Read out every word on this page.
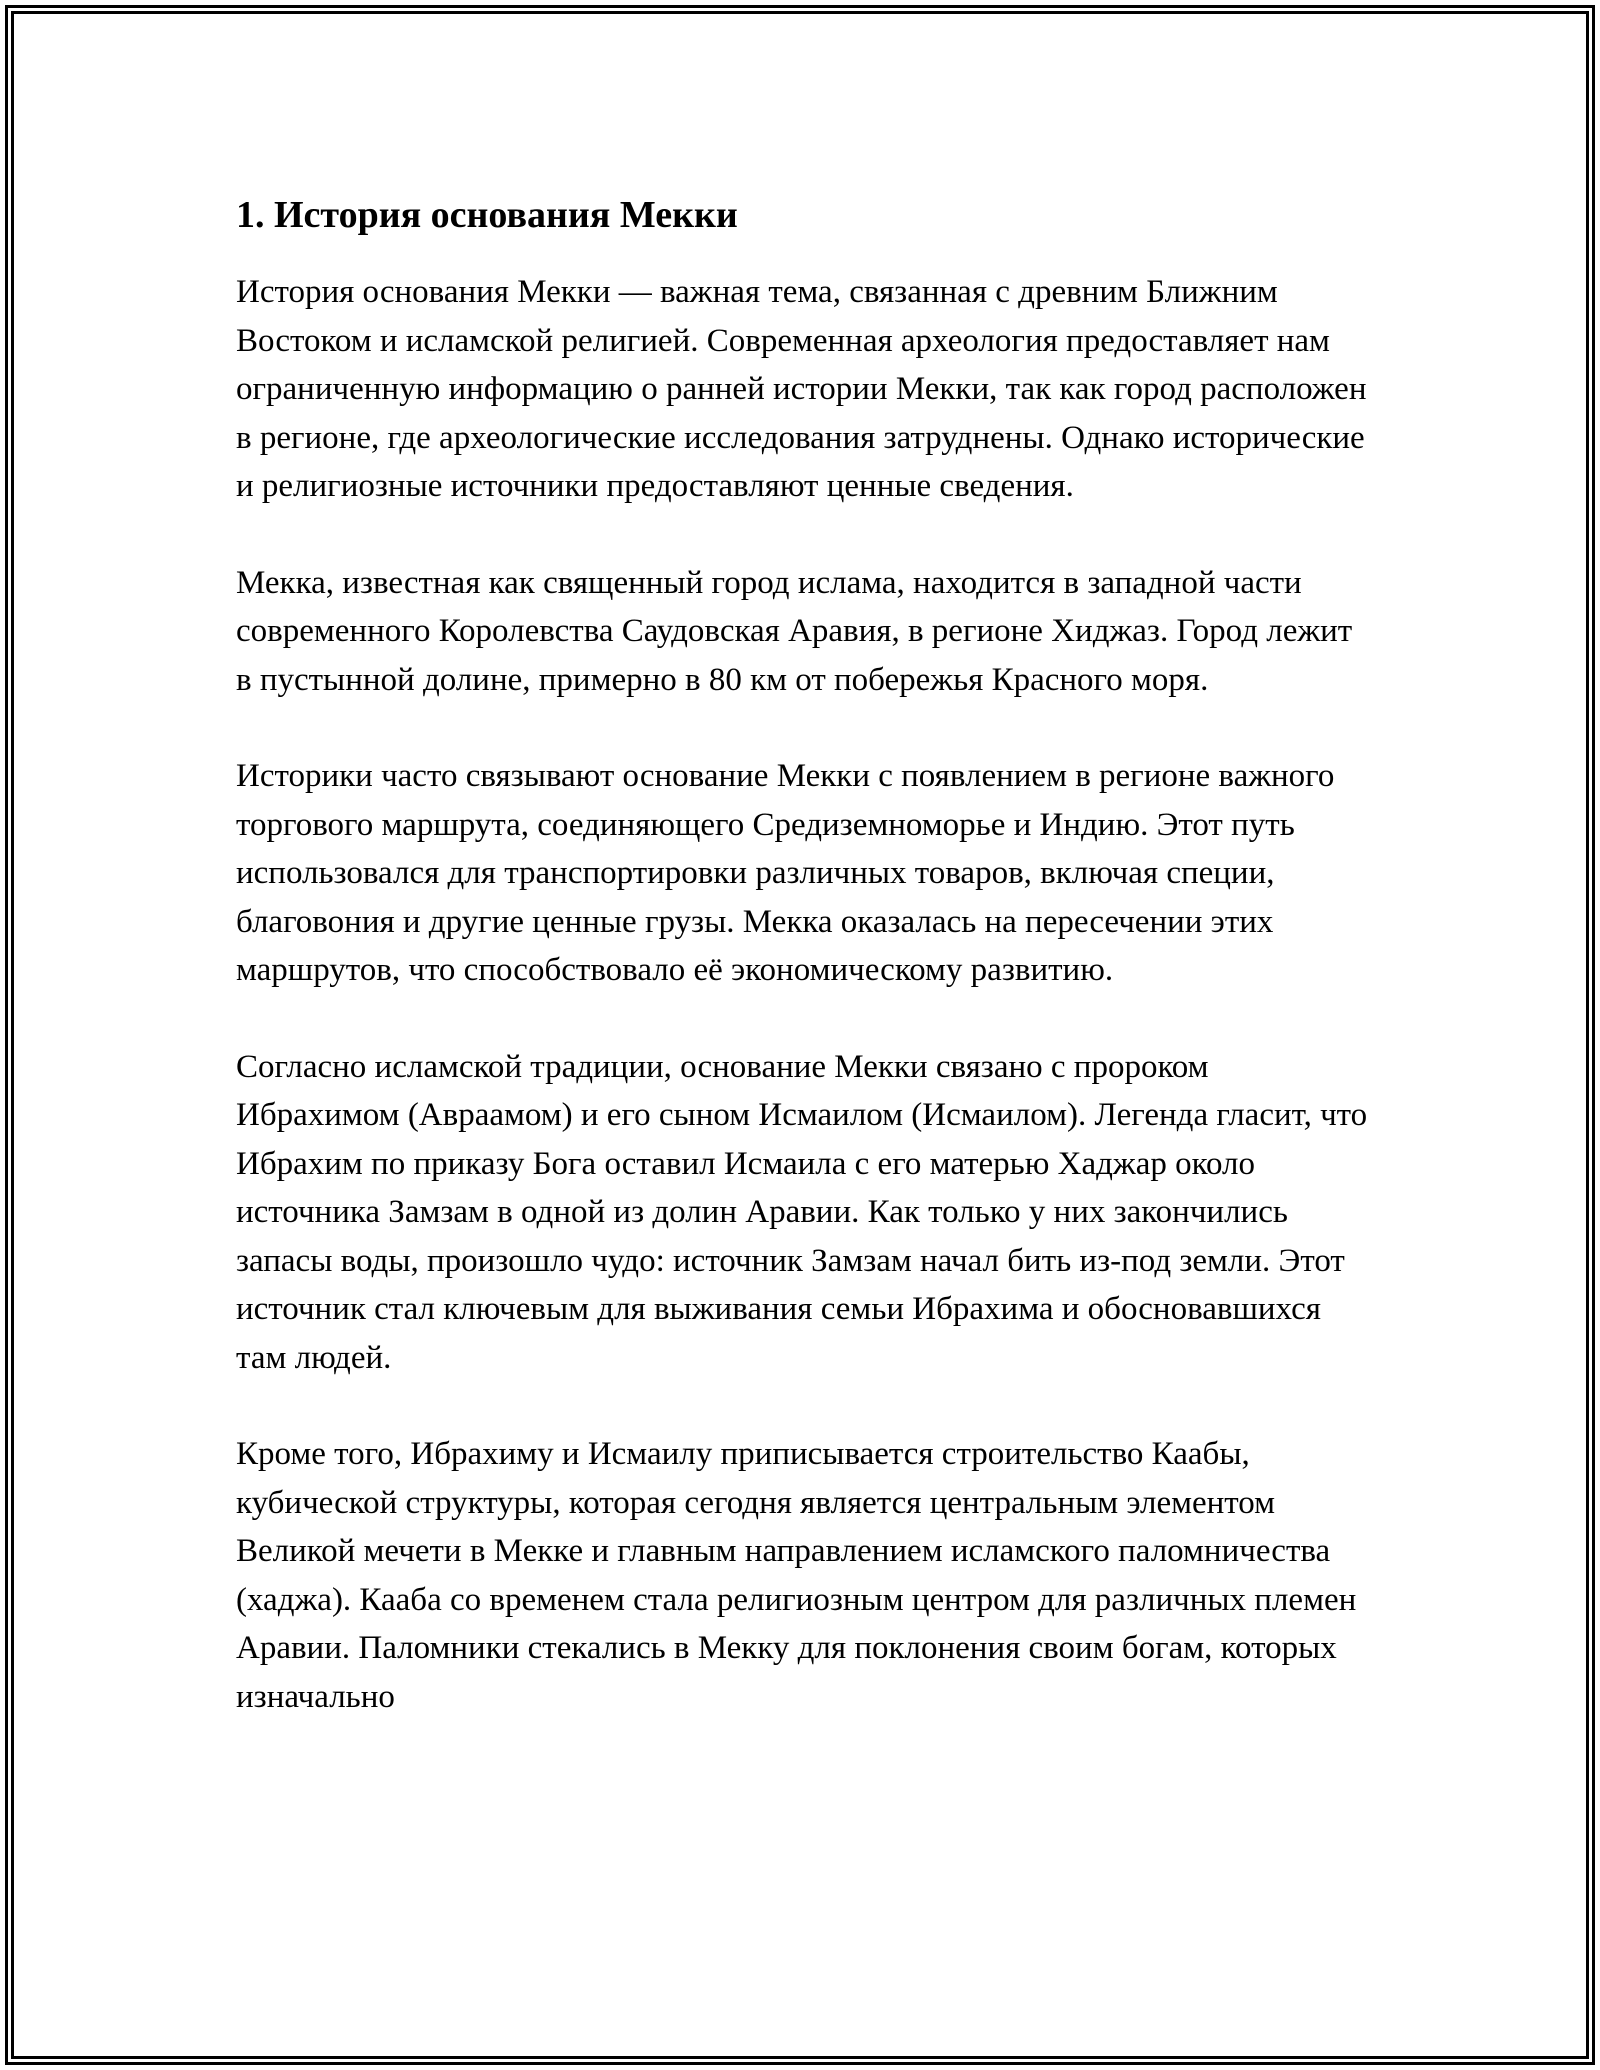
1. История основания Мекки

История основания Мекки — важная тема, связанная с древним Ближним Востоком и исламской религией. Современная археология предоставляет нам ограниченную информацию о ранней истории Мекки, так как город расположен в регионе, где археологические исследования затруднены. Однако исторические и религиозные источники предоставляют ценные сведения.

Мекка, известная как священный город ислама, находится в западной части современного Королевства Саудовская Аравия, в регионе Хиджаз. Город лежит в пустынной долине, примерно в 80 км от побережья Красного моря.

Историки часто связывают основание Мекки с появлением в регионе важного торгового маршрута, соединяющего Средиземноморье и Индию. Этот путь использовался для транспортировки различных товаров, включая специи, благовония и другие ценные грузы. Мекка оказалась на пересечении этих маршрутов, что способствовало её экономическому развитию.

Согласно исламской традиции, основание Мекки связано с пророком Ибрахимом (Авраамом) и его сыном Исмаилом (Исмаилом). Легенда гласит, что Ибрахим по приказу Бога оставил Исмаила с его матерью Хаджар около источника Замзам в одной из долин Аравии. Как только у них закончились запасы воды, произошло чудо: источник Замзам начал бить из-под земли. Этот источник стал ключевым для выживания семьи Ибрахима и обосновавшихся там людей.

Кроме того, Ибрахиму и Исмаилу приписывается строительство Каабы, кубической структуры, которая сегодня является центральным элементом Великой мечети в Мекке и главным направлением исламского паломничества (хаджа). Кааба со временем стала религиозным центром для различных племен Аравии. Паломники стекались в Мекку для поклонения своим богам, которых изначально
